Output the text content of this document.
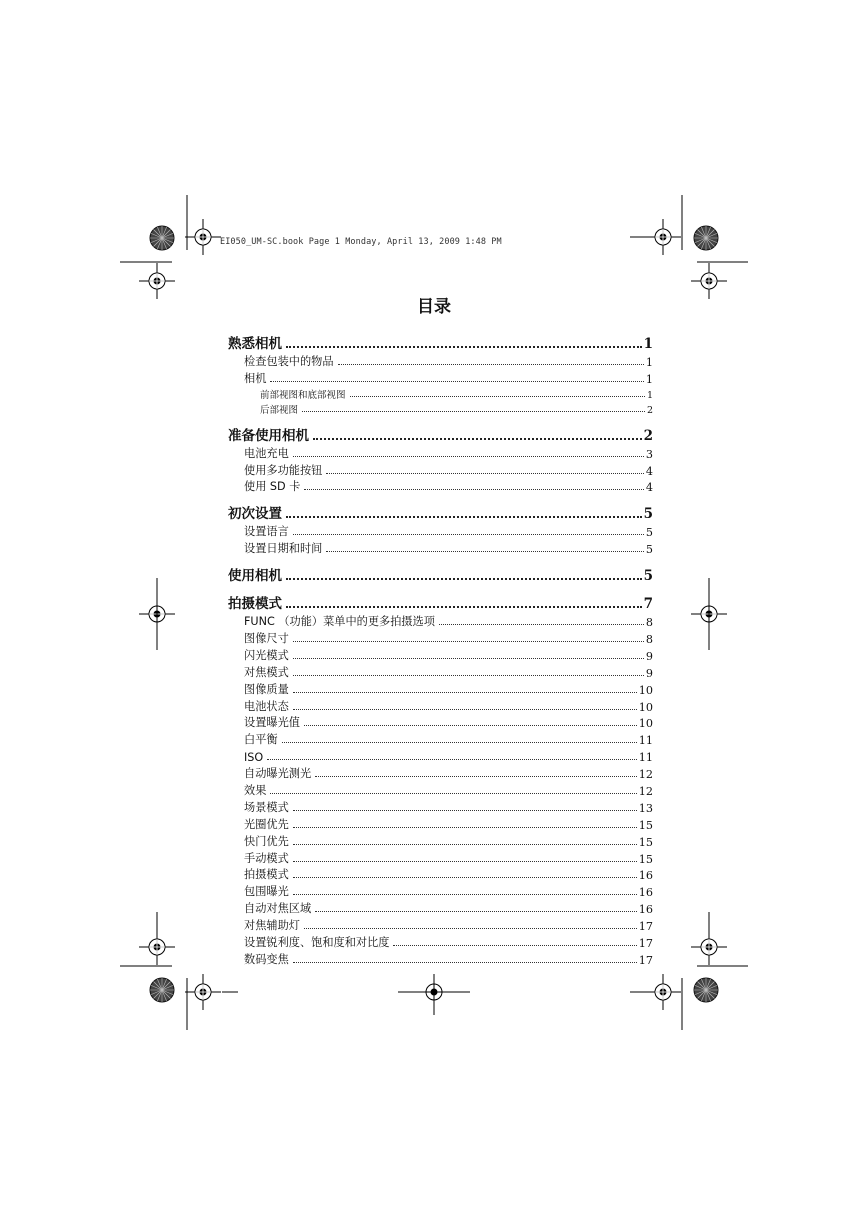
EI050_UM-SC.book Page 1 Monday, April 13, 2009 1:48 PM
目录
熟悉相机	1
检查包装中的物品	1
相机	1
前部视图和底部视图	1
后部视图	2
准备使用相机	2
电池充电	3
使用多功能按钮	4
使用 SD 卡	4
初次设置	5
设置语言	5
设置日期和时间	5
使用相机	5
拍摄模式	7
FUNC （功能）菜单中的更多拍摄选项	8
图像尺寸	8
闪光模式	9
对焦模式	9
图像质量	10
电池状态	10
设置曝光值	10
白平衡	11
ISO	11
自动曝光测光	12
效果	12
场景模式	13
光圈优先	15
快门优先	15
手动模式	15
拍摄模式	16
包围曝光	16
自动对焦区域	16
对焦辅助灯	17
设置锐利度、饱和度和对比度	17
数码变焦	17
